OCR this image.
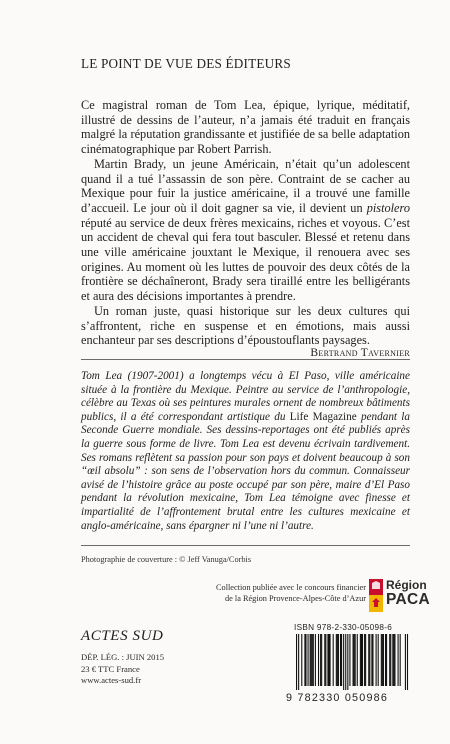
LE POINT DE VUE DES ÉDITEURS

Ce magistral roman de Tom Lea, épique, lyrique, méditatif, illustré de dessins de l’auteur, n’a jamais été traduit en français malgré la réputation grandissante et justifiée de sa belle adaptation cinématographique par Robert Parrish.

Martin Brady, un jeune Américain, n’était qu’un adolescent quand il a tué l’assassin de son père. Contraint de se cacher au Mexique pour fuir la justice américaine, il a trouvé une famille d’accueil. Le jour où il doit gagner sa vie, il devient un pistolero réputé au service de deux frères mexicains, riches et voyous. C’est un accident de cheval qui fera tout basculer. Blessé et retenu dans une ville américaine jouxtant le Mexique, il renouera avec ses origines. Au moment où les luttes de pouvoir des deux côtés de la frontière se déchaîneront, Brady sera tiraillé entre les belligérants et aura des décisions importantes à prendre.

Un roman juste, quasi historique sur les deux cultures qui s’affrontent, riche en suspense et en émotions, mais aussi enchanteur par ses descriptions d’époustouflants paysages.

Bertrand Tavernier

Tom Lea (1907-2001) a longtemps vécu à El Paso, ville américaine située à la frontière du Mexique. Peintre au service de l’anthropologie, célèbre au Texas où ses peintures murales ornent de nombreux bâtiments publics, il a été correspondant artistique du Life Magazine pendant la Seconde Guerre mondiale. Ses dessins-reportages ont été publiés après la guerre sous forme de livre. Tom Lea est devenu écrivain tardivement. Ses romans reflètent sa passion pour son pays et doivent beaucoup à son “œil absolu” : son sens de l’observation hors du commun. Connaisseur avisé de l’histoire grâce au poste occupé par son père, maire d’El Paso pendant la révolution mexicaine, Tom Lea témoigne avec finesse et impartialité de l’affrontement brutal entre les cultures mexicaine et anglo-américaine, sans épargner ni l’une ni l’autre.

Photographie de couverture : © Jeff Vanuga/Corbis
Collection publiée avec le concours financier
de la Région Provence-Alpes-Côte d’Azur
Région
PACA
ISBN 978-2-330-05098-6
9 782330 050986
ACTES SUD
DÉP. LÉG. : JUIN 2015
23 € TTC France
www.actes-sud.fr
